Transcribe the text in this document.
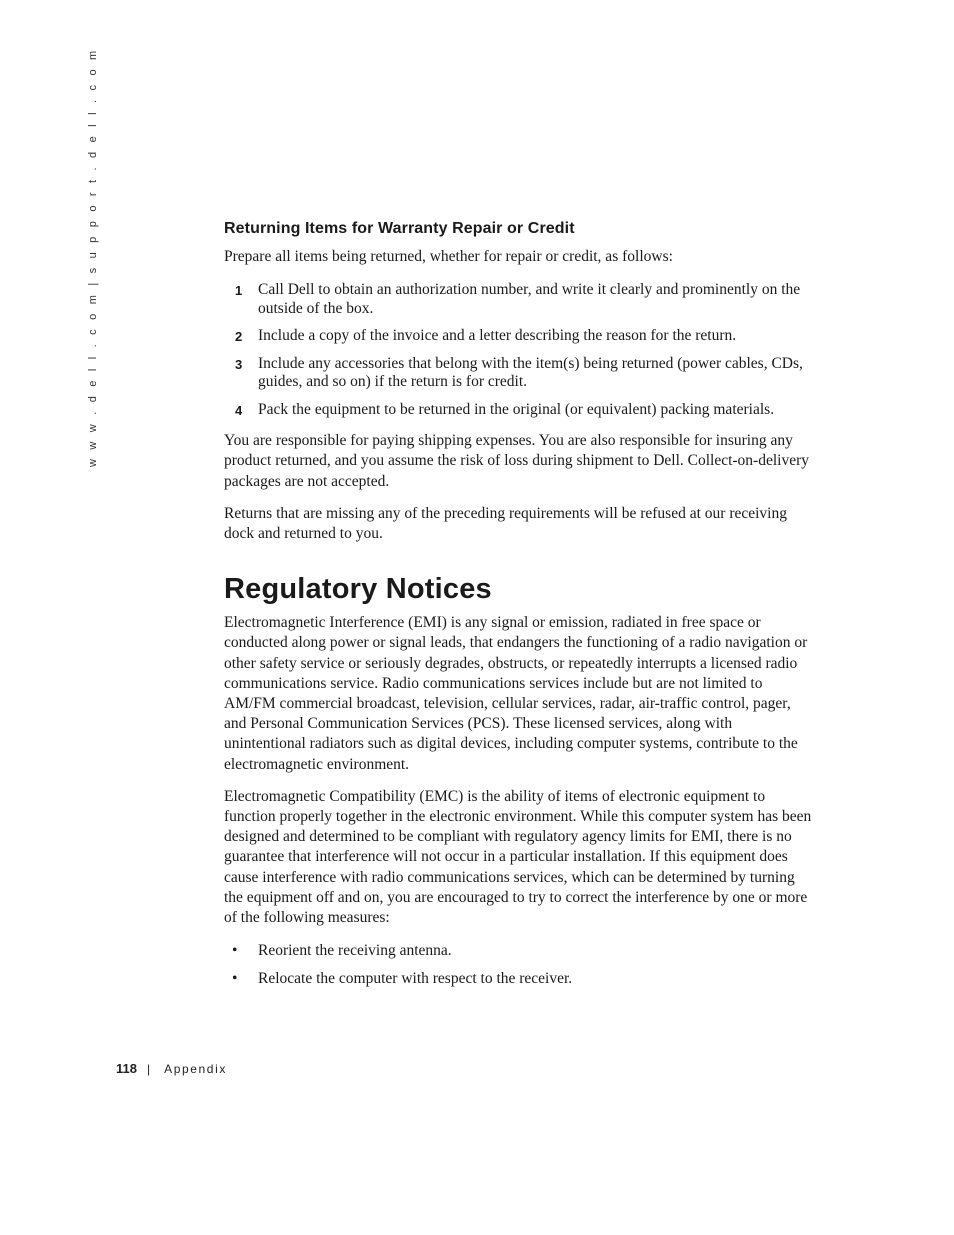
w w w . d e l l . c o m | s u p p o r t . d e l l . c o m	Returning Items for Warranty Repair or Credit

Prepare all items being returned, whether for repair or credit, as follows:

1 Call Dell to obtain an authorization number, and write it clearly and prominently on the outside of the box.
2 Include a copy of the invoice and a letter describing the reason for the return.
3 Include any accessories that belong with the item(s) being returned (power cables, CDs, guides, and so on) if the return is for credit.
4 Pack the equipment to be returned in the original (or equivalent) packing materials.

You are responsible for paying shipping expenses. You are also responsible for insuring any product returned, and you assume the risk of loss during shipment to Dell. Collect-on-delivery packages are not accepted.

Returns that are missing any of the preceding requirements will be refused at our receiving dock and returned to you.

Regulatory Notices

Electromagnetic Interference (EMI) is any signal or emission, radiated in free space or conducted along power or signal leads, that endangers the functioning of a radio navigation or other safety service or seriously degrades, obstructs, or repeatedly interrupts a licensed radio communications service. Radio communications services include but are not limited to AM/FM commercial broadcast, television, cellular services, radar, air-traffic control, pager, and Personal Communication Services (PCS). These licensed services, along with unintentional radiators such as digital devices, including computer systems, contribute to the electromagnetic environment.

Electromagnetic Compatibility (EMC) is the ability of items of electronic equipment to function properly together in the electronic environment. While this computer system has been designed and determined to be compliant with regulatory agency limits for EMI, there is no guarantee that interference will not occur in a particular installation. If this equipment does cause interference with radio communications services, which can be determined by turning the equipment off and on, you are encouraged to try to correct the interference by one or more of the following measures:

• Reorient the receiving antenna.
• Relocate the computer with respect to the receiver.
118 | Appendix
